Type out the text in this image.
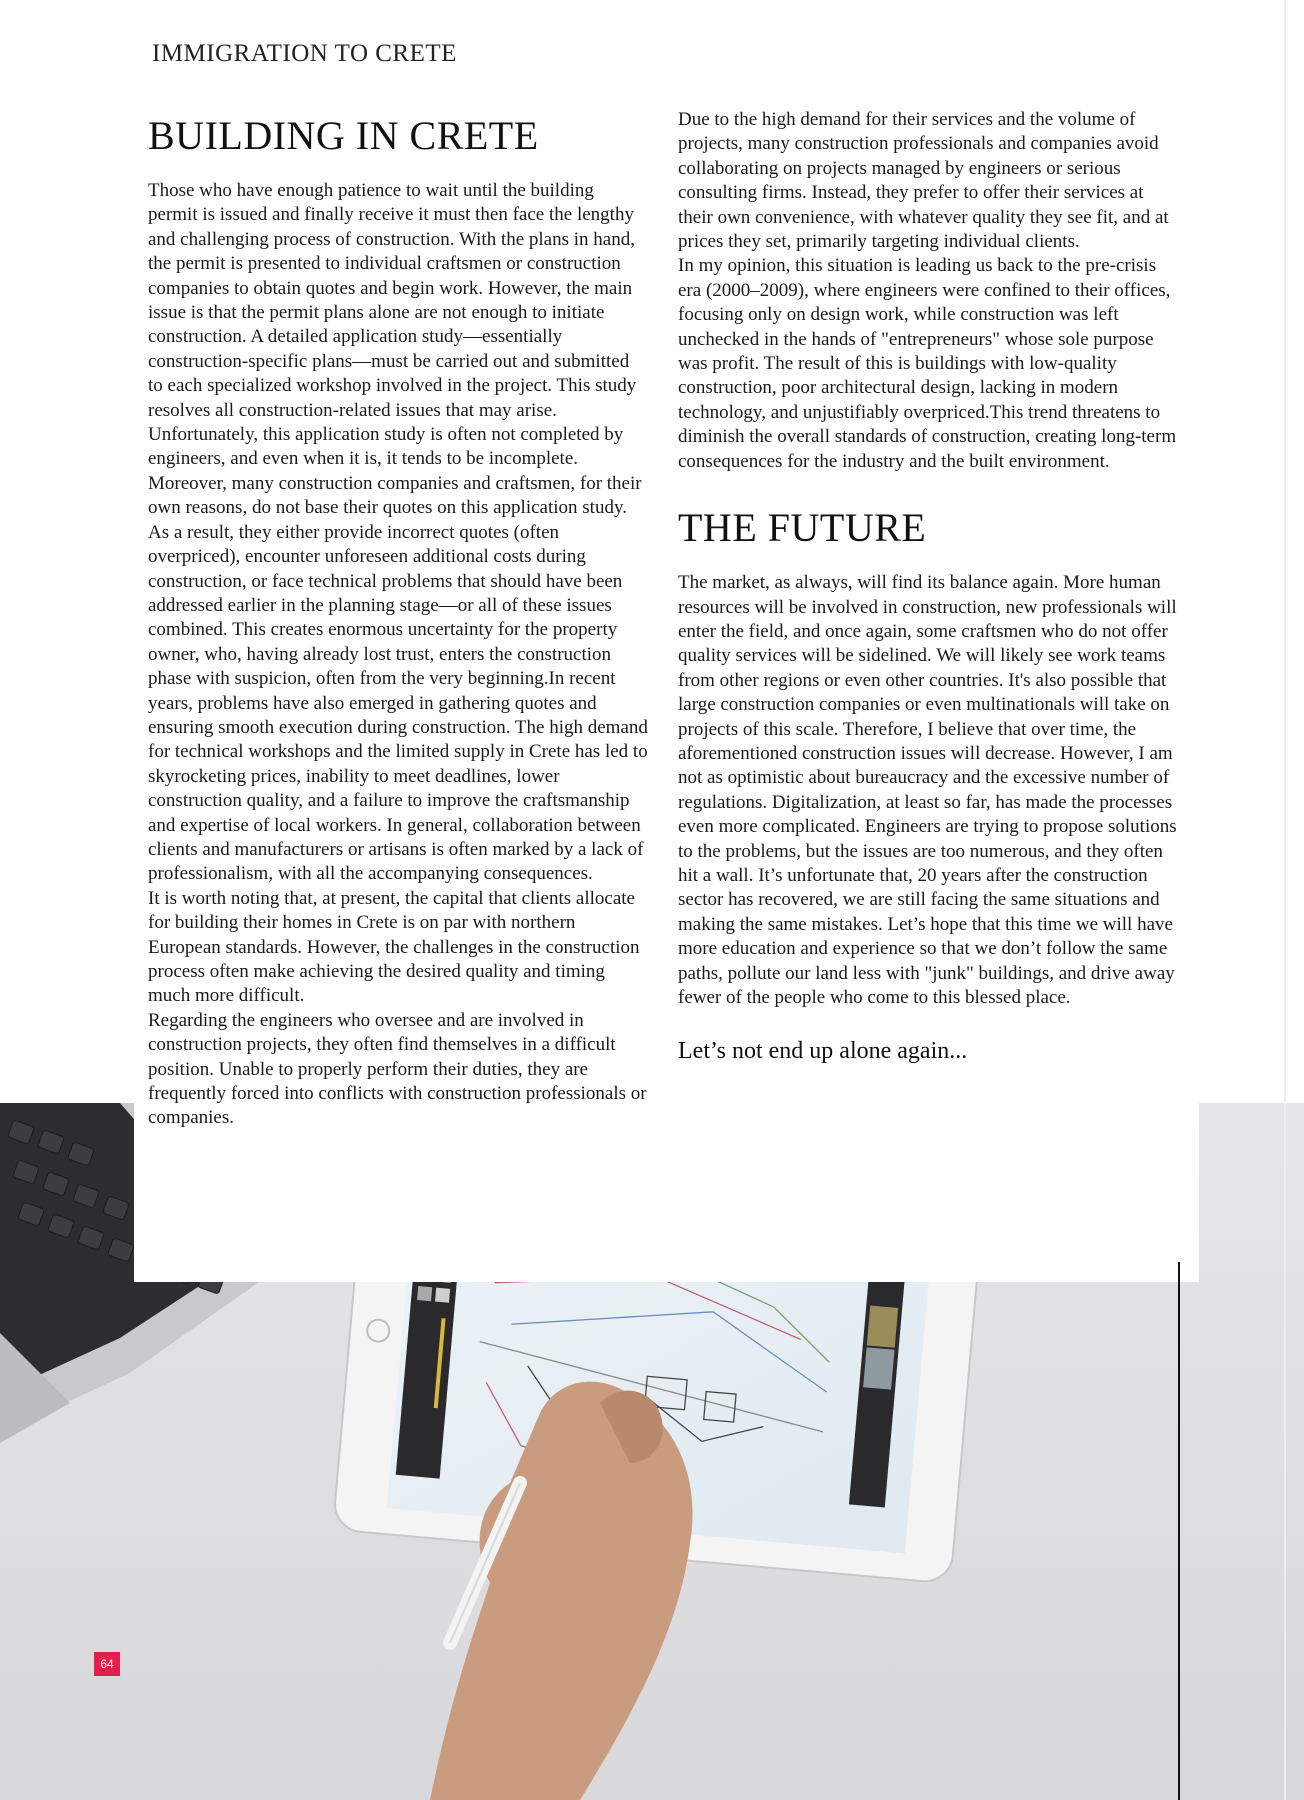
IMMIGRATION TO CRETE
BUILDING IN CRETE

Those who have enough patience to wait until the building permit is issued and finally receive it must then face the lengthy and challenging process of construction. With the plans in hand, the permit is presented to individual craftsmen or construction companies to obtain quotes and begin work. However, the main issue is that the permit plans alone are not enough to initiate construction. A detailed application study—essentially construction-specific plans—must be carried out and submitted to each specialized workshop involved in the project. This study resolves all construction-related issues that may arise.

Unfortunately, this application study is often not completed by engineers, and even when it is, it tends to be incomplete. Moreover, many construction companies and craftsmen, for their own reasons, do not base their quotes on this application study. As a result, they either provide incorrect quotes (often overpriced), encounter unforeseen additional costs during construction, or face technical problems that should have been addressed earlier in the planning stage—or all of these issues combined. This creates enormous uncertainty for the property owner, who, having already lost trust, enters the construction phase with suspicion, often from the very beginning.In recent years, problems have also emerged in gathering quotes and ensuring smooth execution during construction. The high demand for technical workshops and the limited supply in Crete has led to skyrocketing prices, inability to meet deadlines, lower construction quality, and a failure to improve the craftsmanship and expertise of local workers. In general, collaboration between clients and manufacturers or artisans is often marked by a lack of professionalism, with all the accompanying consequences.

It is worth noting that, at present, the capital that clients allocate for building their homes in Crete is on par with northern European standards. However, the challenges in the construction process often make achieving the desired quality and timing much more difficult.

Regarding the engineers who oversee and are involved in construction projects, they often find themselves in a difficult position. Unable to properly perform their duties, they are frequently forced into conflicts with construction professionals or companies.

Due to the high demand for their services and the volume of projects, many construction professionals and companies avoid collaborating on projects managed by engineers or serious consulting firms. Instead, they prefer to offer their services at their own convenience, with whatever quality they see fit, and at prices they set, primarily targeting individual clients.

In my opinion, this situation is leading us back to the pre-crisis era (2000–2009), where engineers were confined to their offices, focusing only on design work, while construction was left unchecked in the hands of "entrepreneurs" whose sole purpose was profit. The result of this is buildings with low-quality construction, poor architectural design, lacking in modern technology, and unjustifiably overpriced.This trend threatens to diminish the overall standards of construction, creating long-term consequences for the industry and the built environment.

THE FUTURE

The market, as always, will find its balance again. More human resources will be involved in construction, new professionals will enter the field, and once again, some craftsmen who do not offer quality services will be sidelined. We will likely see work teams from other regions or even other countries. It's also possible that large construction companies or even multinationals will take on projects of this scale. Therefore, I believe that over time, the aforementioned construction issues will decrease. However, I am not as optimistic about bureaucracy and the excessive number of regulations. Digitalization, at least so far, has made the processes even more complicated. Engineers are trying to propose solutions to the problems, but the issues are too numerous, and they often hit a wall. It’s unfortunate that, 20 years after the construction sector has recovered, we are still facing the same situations and making the same mistakes. Let’s hope that this time we will have more education and experience so that we don’t follow the same paths, pollute our land less with "junk" buildings, and drive away fewer of the people who come to this blessed place.

Let’s not end up alone again...
64
